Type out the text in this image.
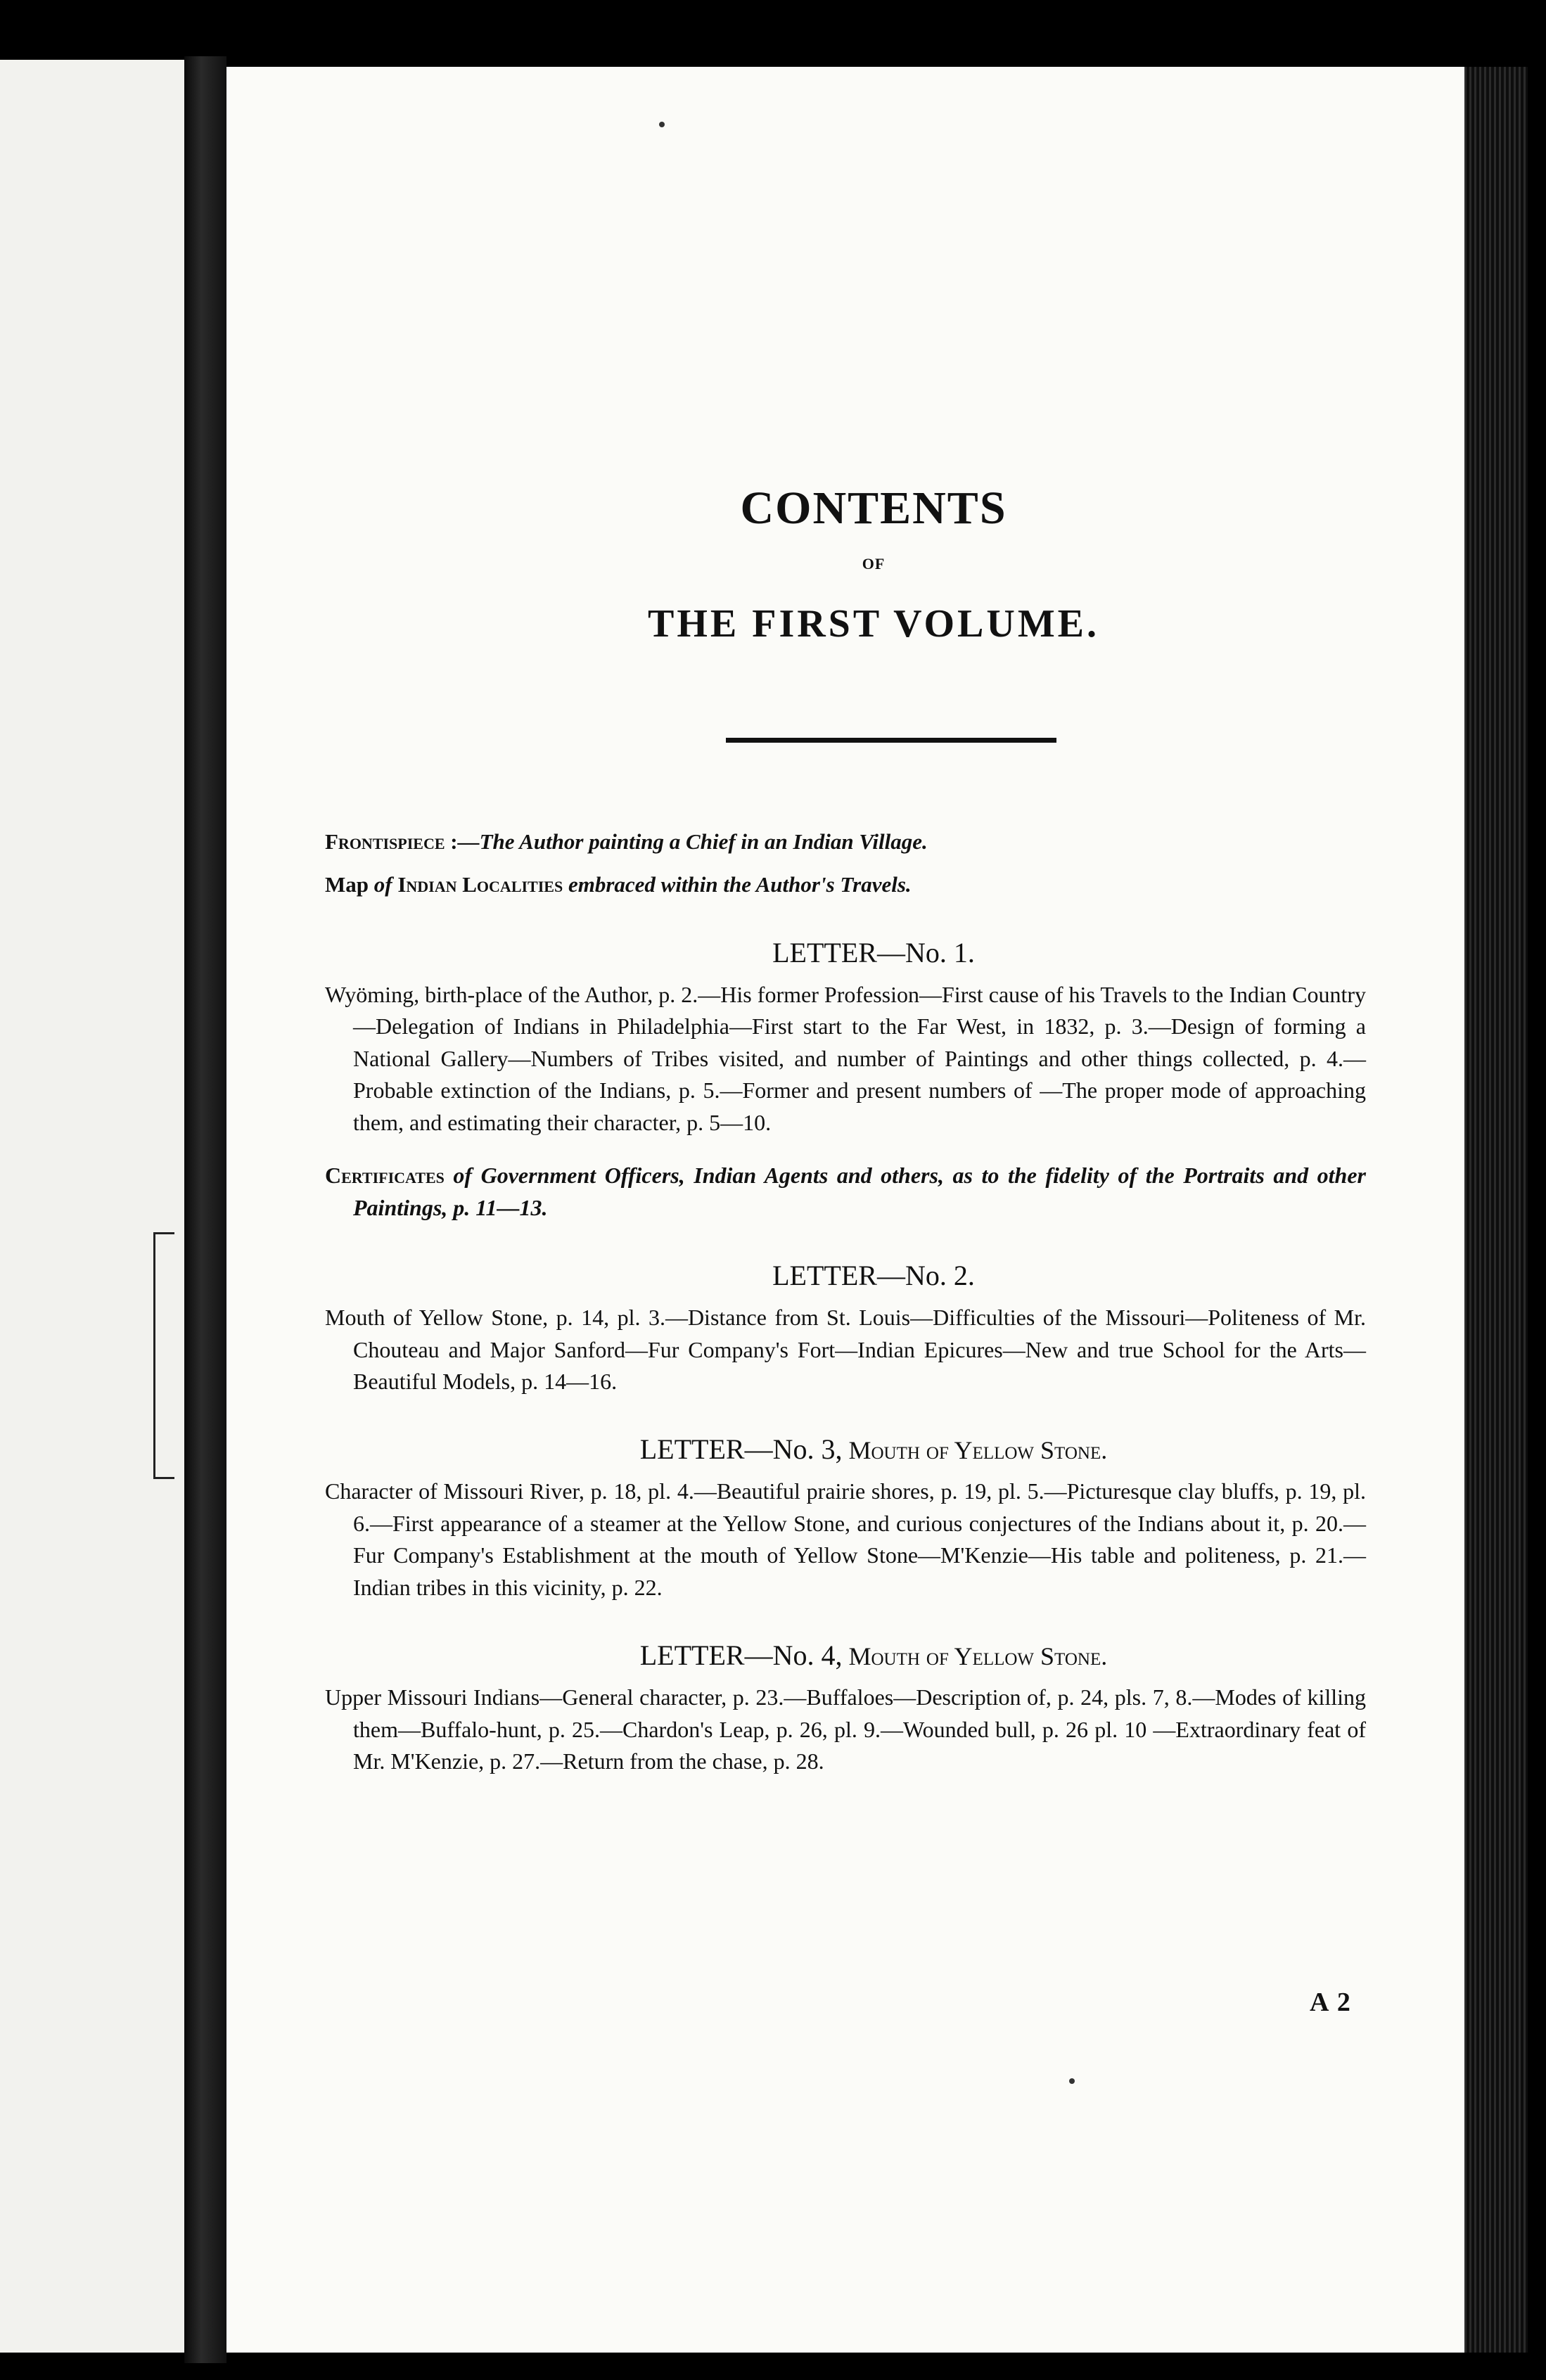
CONTENTS
OF
THE FIRST VOLUME.

Frontispiece :—The Author painting a Chief in an Indian Village.

Map of Indian Localities embraced within the Author's Travels.

LETTER—No. 1.

Wyöming, birth-place of the Author, p. 2.—His former Profession—First cause of his Travels to the Indian Country—Delegation of Indians in Philadelphia—First start to the Far West, in 1832, p. 3.—Design of forming a National Gallery—Numbers of Tribes visited, and number of Paintings and other things collected, p. 4.—Probable extinction of the Indians, p. 5.—Former and present numbers of —The proper mode of approaching them, and estimating their character, p. 5—10.

Certificates of Government Officers, Indian Agents and others, as to the fidelity of the Portraits and other Paintings, p. 11—13.

LETTER—No. 2.

Mouth of Yellow Stone, p. 14, pl. 3.—Distance from St. Louis—Difficulties of the Missouri—Politeness of Mr. Chouteau and Major Sanford—Fur Company's Fort—Indian Epicures—New and true School for the Arts—Beautiful Models, p. 14—16.

LETTER—No. 3, Mouth of Yellow Stone.

Character of Missouri River, p. 18, pl. 4.—Beautiful prairie shores, p. 19, pl. 5.—Picturesque clay bluffs, p. 19, pl. 6.—First appearance of a steamer at the Yellow Stone, and curious conjectures of the Indians about it, p. 20.—Fur Company's Establishment at the mouth of Yellow Stone—M'Kenzie—His table and politeness, p. 21.—Indian tribes in this vicinity, p. 22.

LETTER—No. 4, Mouth of Yellow Stone.

Upper Missouri Indians—General character, p. 23.—Buffaloes—Description of, p. 24, pls. 7, 8.—Modes of killing them—Buffalo-hunt, p. 25.—Chardon's Leap, p. 26, pl. 9.—Wounded bull, p. 26 pl. 10 —Extraordinary feat of Mr. M'Kenzie, p. 27.—Return from the chase, p. 28.

A 2
